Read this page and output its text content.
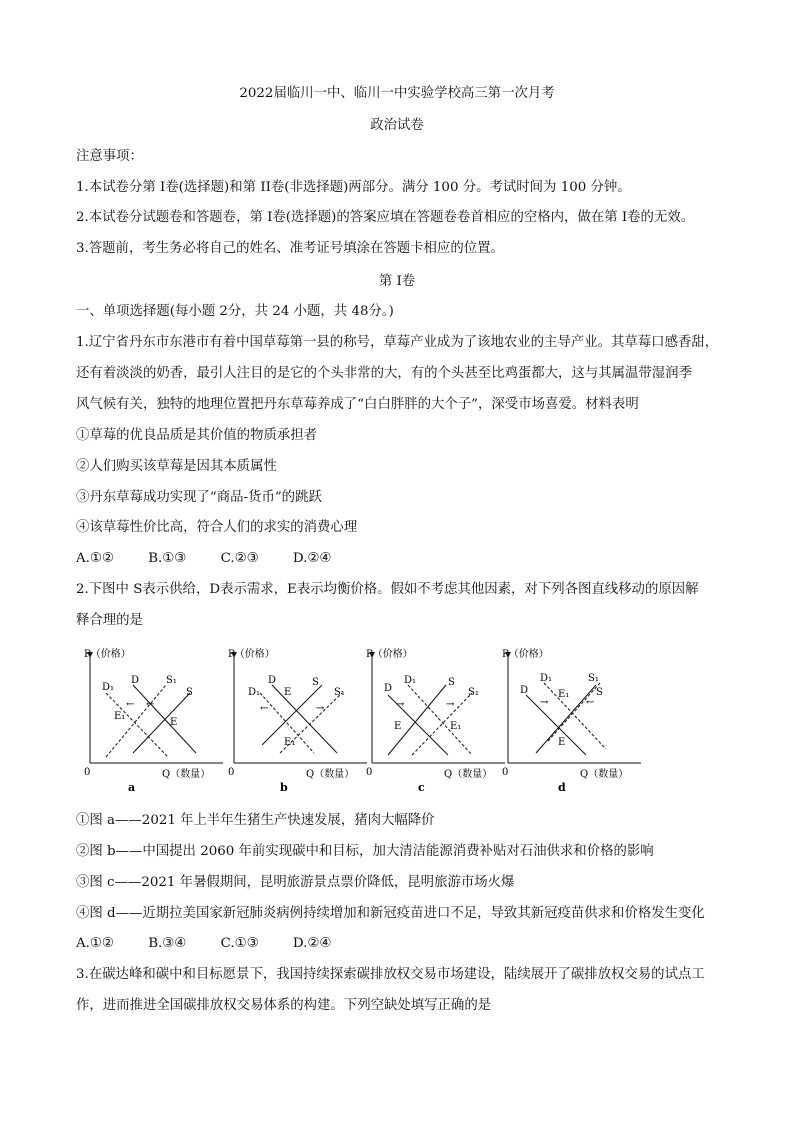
2022届临川一中、临川一中实验学校高三第一次月考
政治试卷
注意事项：
1.本试卷分第 I卷(选择题)和第 II卷(非选择题)两部分。满分 100 分。考试时间为 100 分钟。
2.本试卷分试题卷和答题卷，第 I卷(选择题)的答案应填在答题卷卷首相应的空格内，做在第 I卷的无效。
3.答题前，考生务必将自己的姓名、准考证号填涂在答题卡相应的位置。
第 I卷
一、单项选择题(每小题 2分，共 24 小题，共 48分。)
1.辽宁省丹东市东港市有着中国草莓第一县的称号，草莓产业成为了该地农业的主导产业。其草莓口感香甜，
还有着淡淡的奶香，最引人注目的是它的个头非常的大，有的个头甚至比鸡蛋都大，这与其属温带湿润季
风气候有关，独特的地理位置把丹东草莓养成了“白白胖胖的大个子”，深受市场喜爱。材料表明
①草莓的优良品质是其价值的物质承担者
②人们购买该草莓是因其本质属性
③丹东草莓成功实现了“商品-货币”的跳跃
④该草莓性价比高，符合人们的求实的消费心理
A.①②	B.①③	C.②③	D.②④
2.下图中 S表示供给，D表示需求，E表示均衡价格。假如不考虑其他因素，对下列各图直线移动的原因解
释合理的是
P（价格）
Q（数量）
0
D
D₁
S₁
S
E₁
E
← ←
a
P（价格）
Q（数量）
0
D
D₁
S
S₁
E
E₁
←	→
b
P（价格）
Q（数量）
0
D
D₁	S
S₁
E	E₁
→	→
c
P（价格）
Q（数量）
0
D
D₁	S₁
S
E₁
E
→	←
d
①图 a——2021 年上半年生猪生产快速发展，猪肉大幅降价
②图 b——中国提出 2060 年前实现碳中和目标，加大清洁能源消费补贴对石油供求和价格的影响
③图 c——2021 年暑假期间，昆明旅游景点票价降低，昆明旅游市场火爆
④图 d——近期拉美国家新冠肺炎病例持续增加和新冠疫苗进口不足，导致其新冠疫苗供求和价格发生变化
A.①②	B.③④	C.①③	D.②④
3.在碳达峰和碳中和目标愿景下，我国持续探索碳排放权交易市场建设，陆续展开了碳排放权交易的试点工
作，进而推进全国碳排放权交易体系的构建。下列空缺处填写正确的是
